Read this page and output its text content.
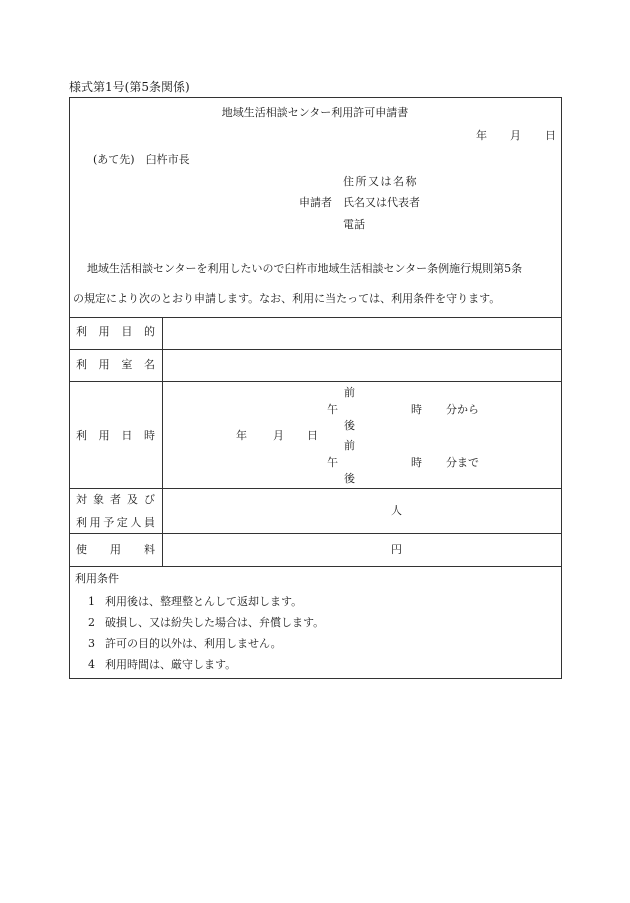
様式第1号(第5条関係)
地域生活相談センター利用許可申請書
年 月 日
(あて先)　臼杵市長
住所又は名称
申請者 氏名又は代表者
電話
地域生活相談センターを利用したいので臼杵市地域生活相談センター条例施行規則第5条
の規定により次のとおり申請します。なお、利用に当たっては、利用条件を守ります。
利 用 目 的
利 用 室 名
利 用 日 時
対 象 者 及 び
利 用 予 定 人 員
使 用 料
年 月 日
前
午
後
時 分から
前
午
後
時 分まで
人
円
利用条件
1 利用後は、整理整とんして返却します。
2 破損し、又は紛失した場合は、弁償します。
3 許可の目的以外は、利用しません。
4 利用時間は、厳守します。
